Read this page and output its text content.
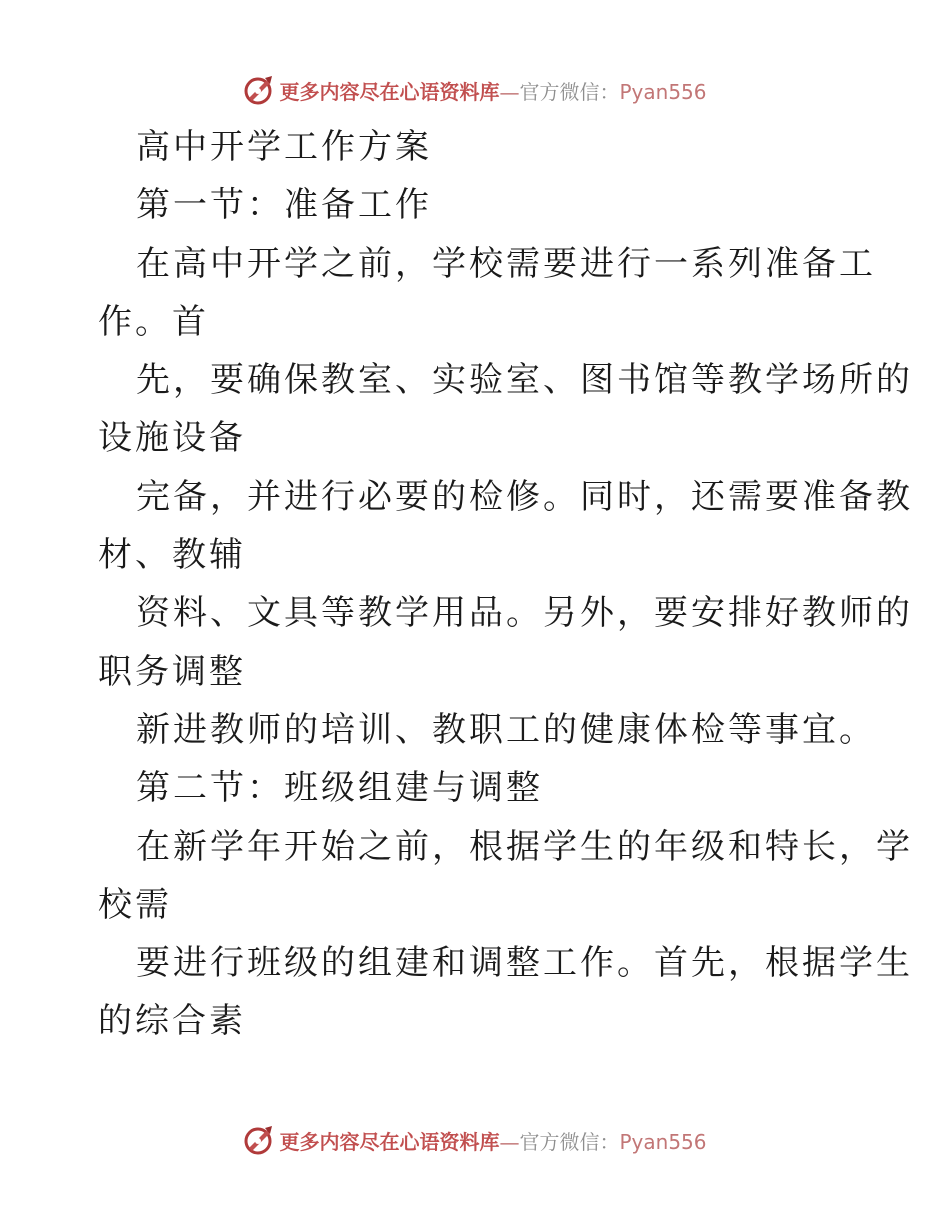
更多内容尽在心语资料库—官方微信：Pyan556
高中开学工作方案
第一节：准备工作
在高中开学之前，学校需要进行一系列准备工
作。首
先，要确保教室、实验室、图书馆等教学场所的
设施设备
完备，并进行必要的检修。同时，还需要准备教
材、教辅
资料、文具等教学用品。另外，要安排好教师的
职务调整
新进教师的培训、教职工的健康体检等事宜。
第二节：班级组建与调整
在新学年开始之前，根据学生的年级和特长，学
校需
要进行班级的组建和调整工作。首先，根据学生
的综合素
更多内容尽在心语资料库—官方微信：Pyan556
